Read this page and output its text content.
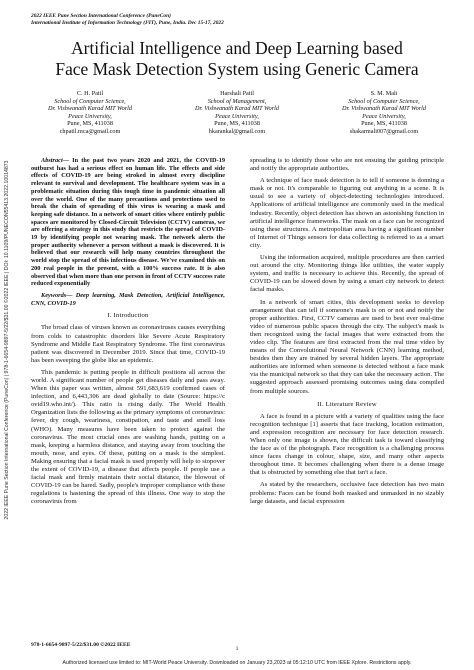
2022 IEEE Pune Section International Conference (PuneCon)
International Institute of Information Technology (I²IT), Pune, India. Dec 15-17, 2022
Artificial Intelligence and Deep Learning based
Face Mask Detection System using Generic Camera
C. H. Patil
School of Computer Science,
Dr. Vishwanath Karad MIT World
Peace University,
Pune, MS, 411038
chpatil.mca@gmail.com
Harshali Patil
School of Management,
Dr. Vishwanath Karad MIT World
Peace University,
Pune, MS, 411038
hkarankal@gmail.com
S. M. Mali
School of Computer Science,
Dr. Vishwanath Karad MIT World
Peace University,
Pune, MS, 411038
shakarmali007@gmail.com
2022 IEEE Pune Section International Conference (PuneCon) | 978-1-6654-9897-5/22/$31.00 ©2022 IEEE | DOI: 10.1109/PUNECON55413.2022.10014873	Abstract— In the past two years 2020 and 2021, the COVID-19 outburst has had a serious effect on human life. The effects and side effects of COVID-19 are being stroked in almost every discipline relevant to survival and development. The healthcare system was in a problematic situation during this tough time in pandemic situation all over the world. One of the many precautions and protections used to break the chain of spreading of this virus is wearing a mask and keeping safe distance. In a network of smart cities where entirely public spaces are monitored by Closed-Circuit Television (CCTV) cameras, we are offering a strategy in this study that restricts the spread of COVID-19 by identifying people not wearing mask. The network alerts the proper authority whenever a person without a mask is discovered. It is believed that our research will help many countries throughout the world stop the spread of this infectious disease. We've examined this on 200 real people in the present, with a 100% success rate. It is also observed that when more than one person in front of CCTV success rate reduced exponentially

Keywords— Deep learning, Mask Detection, Artificial Intelligence, CNN, COVID-19

I. Introduction

The broad class of viruses known as coronaviruses causes everything from colds to catastrophic disorders like Severe Acute Respiratory Syndrome and Middle East Respiratory Syndrome. The first coronavirus patient was discovered in December 2019. Since that time, COVID-19 has been sweeping the globe like an epidemic.

This pandemic is putting people in difficult positions all across the world. A significant number of people get diseases daily and pass away. When this paper was written, almost 591,683,619 confirmed cases of infection, and 6,443,306 are dead globally to date (Source: https://c ovid19.who.int/). This ratio is rising daily. The World Health Organization lists the following as the primary symptoms of coronavirus: fever, dry cough, weariness, constipation, and taste and smell loss (WHO). Many measures have been taken to protect against the coronavirus. The most crucial ones are washing hands, putting on a mask, keeping a harmless distance, and staying away from touching the mouth, nose, and eyes. Of these, putting on a mask is the simplest. Making ensuring that a facial mask is used properly will help to stopover the extent of COVID-19, a disease that affects people. If people use a facial mask and firmly maintain their social distance, the blowout of COVID-19 can be hared. Sadly, people's improper compliance with these regulations is hastening the spread of this illness. One way to stop the coronavirus from

spreading is to identify those who are not ensuing the guiding principle and notify the appropriate authorities.

A technique of face mask detection is to tell if someone is donning a mask or not. It's comparable to figuring out anything in a scene. It is usual to see a variety of object-detecting technologies introduced. Applications of artificial intelligence are commonly used in the medical industry. Recently, object detection has shown an astonishing function in artificial intelligence frameworks. The mask on a face can be recognized using these structures. A metropolitan area having a significant number of Internet of Things sensors for data collecting is referred to as a smart city.

Using the information acquired, multiple procedures are then carried out around the city. Monitoring things like utilities, the water supply system, and traffic is necessary to achieve this. Recently, the spread of COVID-19 can be slowed down by using a smart city network to detect facial masks.

In a network of smart cities, this development seeks to develop arrangement that can tell if someone's mask is on or not and notify the proper authorities. First, CCTV cameras are used to best ever real-time video of numerous public spaces through the city. The subject's mask is then recognized using the facial images that were extracted from the video clip. The features are first extracted from the real time video by means of the Convolutional Neural Network (CNN) learning method, besides then they are trained by several hidden layers. The appropriate authorities are informed when someone is detected without a face mask via the municipal network so that they can take the necessary action. The suggested approach assessed promising outcomes using data compiled from multiple sources.

II. Literature Review

A face is found in a picture with a variety of qualities using the face recognition technique [1] asserts that face tracking, location estimation, and expression recognition are necessary for face detection research. When only one image is shown, the difficult task is toward classifying the face as of the photograph. Face recognition is a challenging process since faces change in colour, shape, size, and many other aspects throughout time. It becomes challenging when there is a dense image that is obstructed by something else that isn't a face.

As stated by the researchers, occlusive face detection has two main problems: Faces can be found both masked and unmasked in no sizably large datasets, and facial expression

978-1-6654-9897-5/22/$31.00 ©2022 IEEE
1
Authorized licensed use limited to: MIT-World Peace University. Downloaded on January 23,2023 at 05:12:10 UTC from IEEE Xplore. Restrictions apply.
